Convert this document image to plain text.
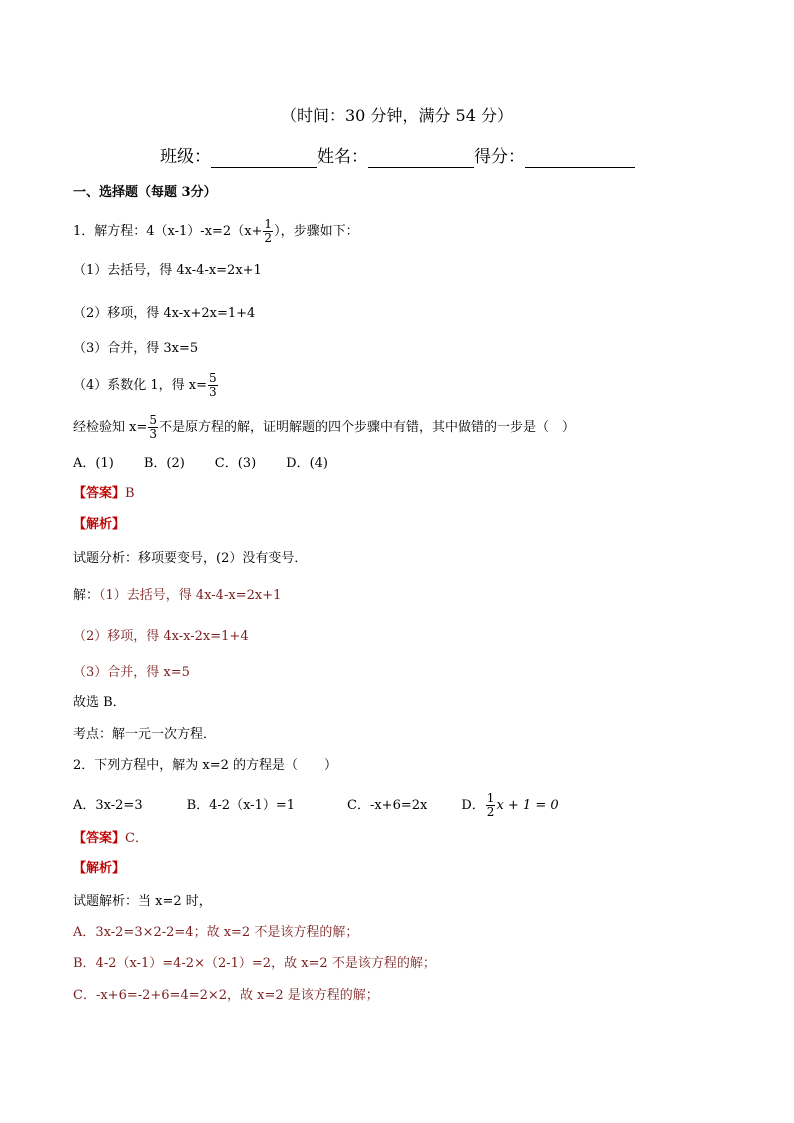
（时间：30 分钟，满分 54 分）
班级：	姓名：	得分：
一、选择题（每题 3分）
1．解方程：$4(x-1)-x=2(x+ \frac{1}{2}$ ），步骤如下：
（1）去括号，得 4x-4-x=2x+1
（2）移项，得 4x-x+2x=1+4
（3）合并，得 3x=5
（4）系数化 1，得 $x= \frac{5}{3}$
经检验知 $x= \frac{5}{3}$ 不是原方程的解，证明解题的四个步骤中有错，其中做错的一步是（　）
A．(1) B．(2) C．(3) D．(4)
【答案】B
【解析】
试题分析：移项要变号，(2）没有变号．
解：（1）去括号，得 4x-4-x=2x+1
（2）移项，得 4x-x-2x=1+4
（3）合并，得 x=5
故选 B．
考点：解一元一次方程．
2．下列方程中，解为 x=2 的方程是（　　）
A．3x-2=3	B．4-2（x-1）=1	C．-x+6=2x	D． $\frac{1}{2}$ x + 1 = 0
【答案】C．
【解析】
试题解析：当 x=2 时，
A．3x-2=3×2-2=4；故 x=2 不是该方程的解；
B．4-2（x-1）=4-2×（2-1）=2，故 x=2 不是该方程的解；
C．-x+6=-2+6=4=2×2，故 x=2 是该方程的解；
